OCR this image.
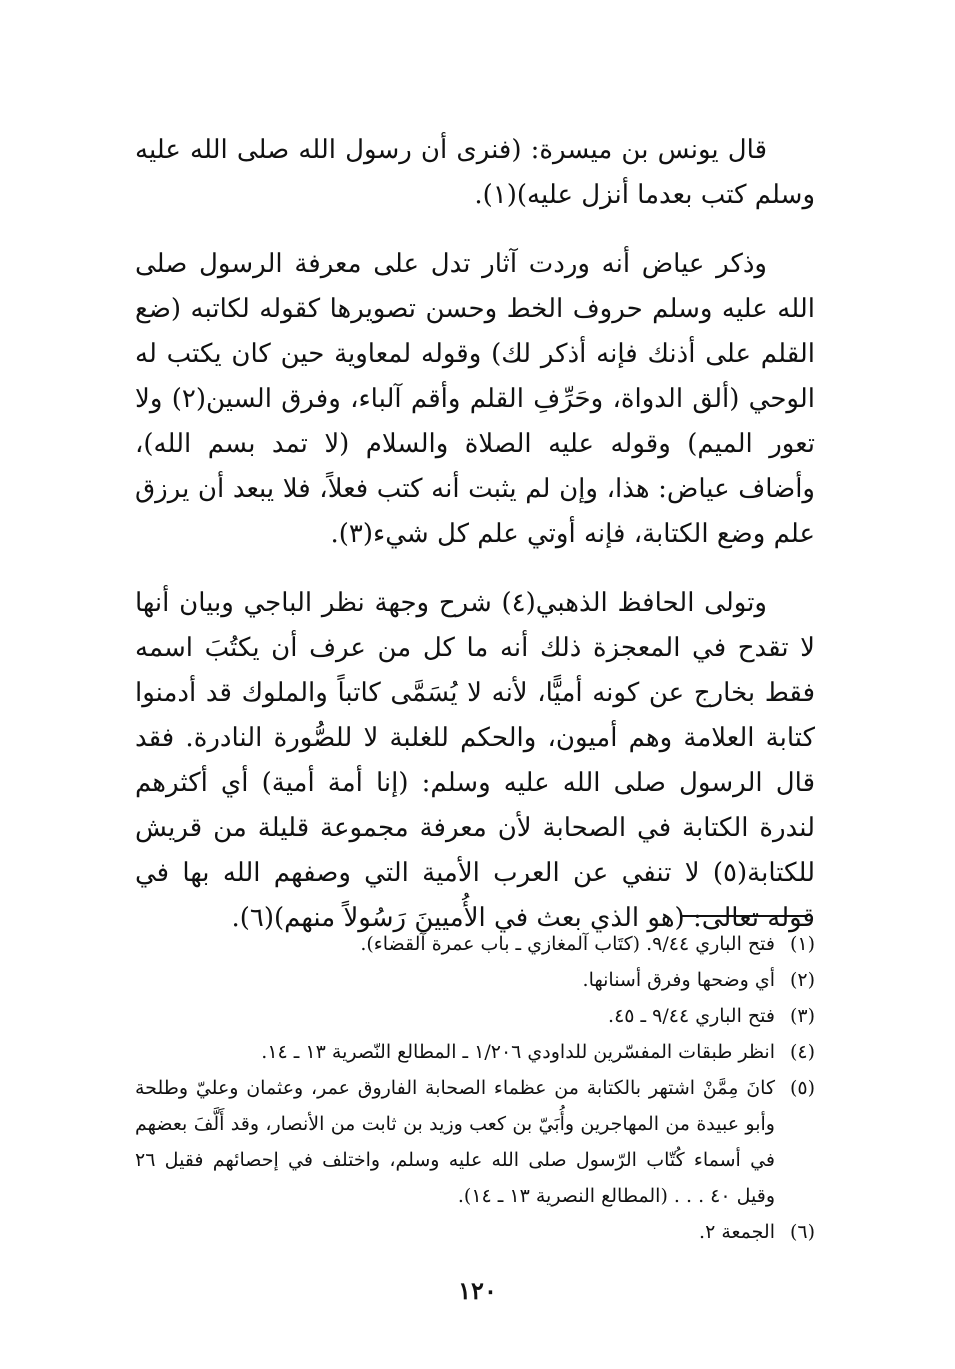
قال يونس بن ميسرة: (فنرى أن رسول الله صلى الله عليه وسلم كتب بعدما أنزل عليه)(١).

وذكر عياض أنه وردت آثار تدل على معرفة الرسول صلى الله عليه وسلم حروف الخط وحسن تصويرها كقوله لكاتبه (ضع القلم على أذنك فإنه أذكر لك) وقوله لمعاوية حين كان يكتب له الوحي (ألق الدواة، وحَرِّفِ القلم وأقم آلباء، وفرق السين(٢) ولا تعور الميم) وقوله عليه الصلاة والسلام (لا تمد بسم الله)، وأضاف عياض: هذا، وإن لم يثبت أنه كتب فعلاً، فلا يبعد أن يرزق علم وضع الكتابة، فإنه أوتي علم كل شيء(٣).

وتولى الحافظ الذهبي(٤) شرح وجهة نظر الباجي وبيان أنها لا تقدح في المعجزة ذلك أنه ما كل من عرف أن يكتُبَ اسمه فقط بخارج عن كونه أميًّا، لأنه لا يُسَمَّى كاتباً والملوك قد أدمنوا كتابة العلامة وهم أميون، والحكم للغلبة لا للصُّورة النادرة. فقد قال الرسول صلى الله عليه وسلم: (إنا أمة أمية) أي أكثرهم لندرة الكتابة في الصحابة لأن معرفة مجموعة قليلة من قريش للكتابة(٥) لا تنفي عن العرب الأمية التي وصفهم الله بها في قوله تعالى: (هو الذي بعث في الأُميينَ رَسُولاً منهم)(٦).

(١)
فتح الباري ٩/٤٤. (كتَاب آلمغازي ـ باب عمرة آلقضاء).
(٢)
أي وضحها وفرق أسنانها.
(٣)
فتح الباري ٩/٤٤ ـ ٤٥.
(٤)
انظر طبقات المفسّرين للداودي ١/٢٠٦ ـ المطالع النّصرية ١٣ ـ ١٤.
(٥)
كانَ مِمَّنْ اشتهر بالكتابة من عظماء الصحابة الفاروق عمر، وعثمان وعليّ وطلحة وأبو عبيدة من المهاجرين وأُبَيّ بن كعب وزيد بن ثابت من الأنصار، وقد أَلَّفَ بعضهم في أسماء كُتّاب الرّسول صلى الله عليه وسلم، واختلف في إحصائهم فقيل ٢٦ وقيل ٤٠ . . . (المطالع النصرية ١٣ ـ ١٤).
(٦)
الجمعة ٢.
١٢٠
